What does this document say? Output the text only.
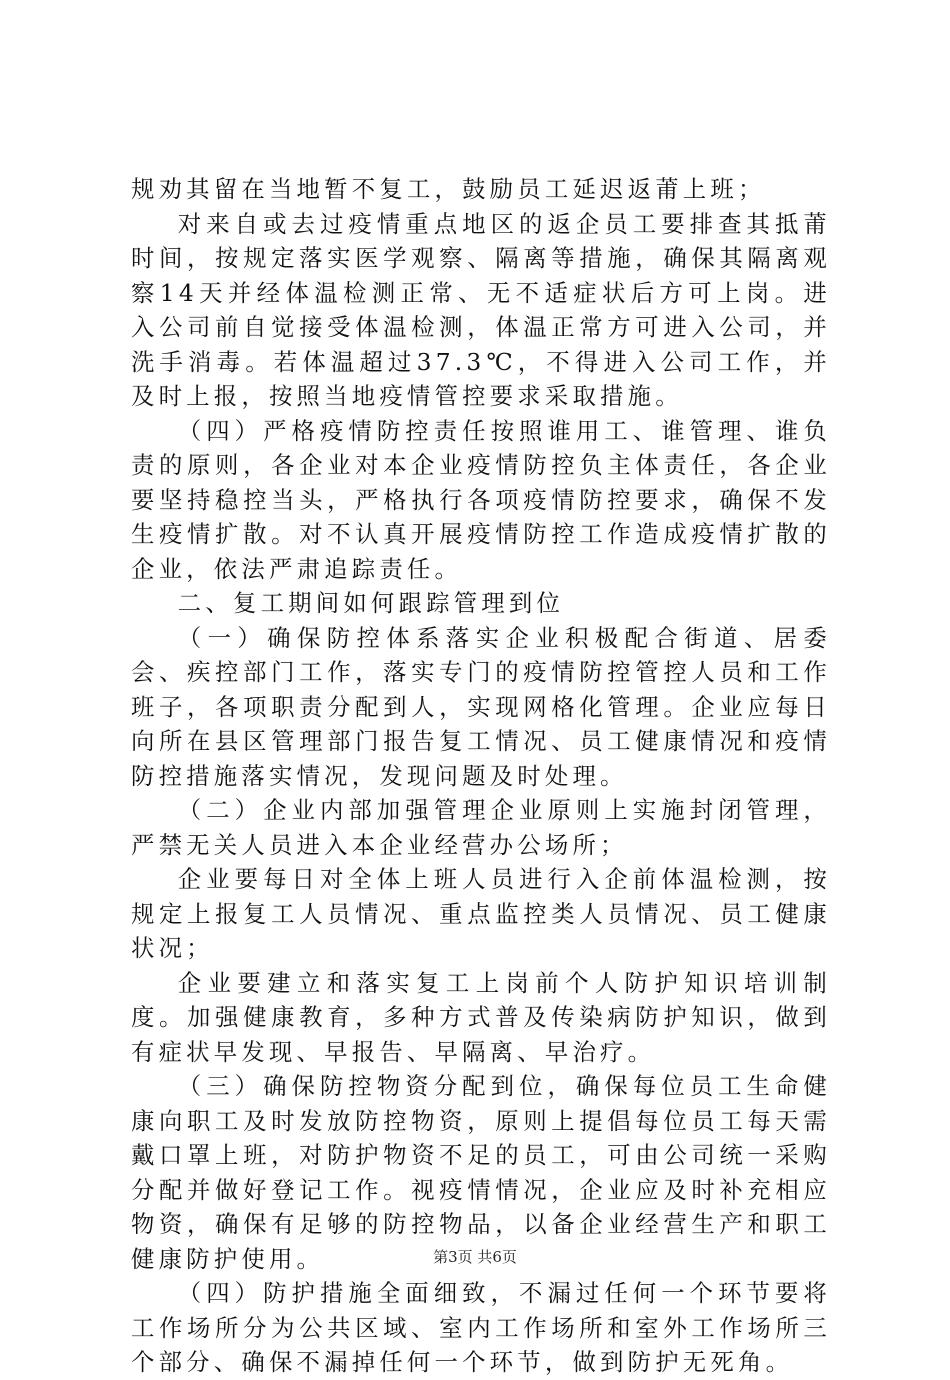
规劝其留在当地暂不复工，鼓励员工延迟返莆上班；

对来自或去过疫情重点地区的返企员工要排查其抵莆时间，按规定落实医学观察、隔离等措施，确保其隔离观察14天并经体温检测正常、无不适症状后方可上岗。进入公司前自觉接受体温检测，体温正常方可进入公司，并洗手消毒。若体温超过37.3℃，不得进入公司工作，并及时上报，按照当地疫情管控要求采取措施。

（四）严格疫情防控责任按照谁用工、谁管理、谁负责的原则，各企业对本企业疫情防控负主体责任，各企业要坚持稳控当头，严格执行各项疫情防控要求，确保不发生疫情扩散。对不认真开展疫情防控工作造成疫情扩散的企业，依法严肃追踪责任。

二、复工期间如何跟踪管理到位

（一）确保防控体系落实企业积极配合街道、居委会、疾控部门工作，落实专门的疫情防控管控人员和工作班子，各项职责分配到人，实现网格化管理。企业应每日向所在县区管理部门报告复工情况、员工健康情况和疫情防控措施落实情况，发现问题及时处理。

（二）企业内部加强管理企业原则上实施封闭管理，严禁无关人员进入本企业经营办公场所；

企业要每日对全体上班人员进行入企前体温检测，按规定上报复工人员情况、重点监控类人员情况、员工健康状况；

企业要建立和落实复工上岗前个人防护知识培训制度。加强健康教育，多种方式普及传染病防护知识，做到有症状早发现、早报告、早隔离、早治疗。

（三）确保防控物资分配到位，确保每位员工生命健康向职工及时发放防控物资，原则上提倡每位员工每天需戴口罩上班，对防护物资不足的员工，可由公司统一采购分配并做好登记工作。视疫情情况，企业应及时补充相应物资，确保有足够的防控物品，以备企业经营生产和职工健康防护使用。

（四）防护措施全面细致，不漏过任何一个环节要将工作场所分为公共区域、室内工作场所和室外工作场所三个部分、确保不漏掉任何一个环节，做到防护无死角。

第3页 共6页
